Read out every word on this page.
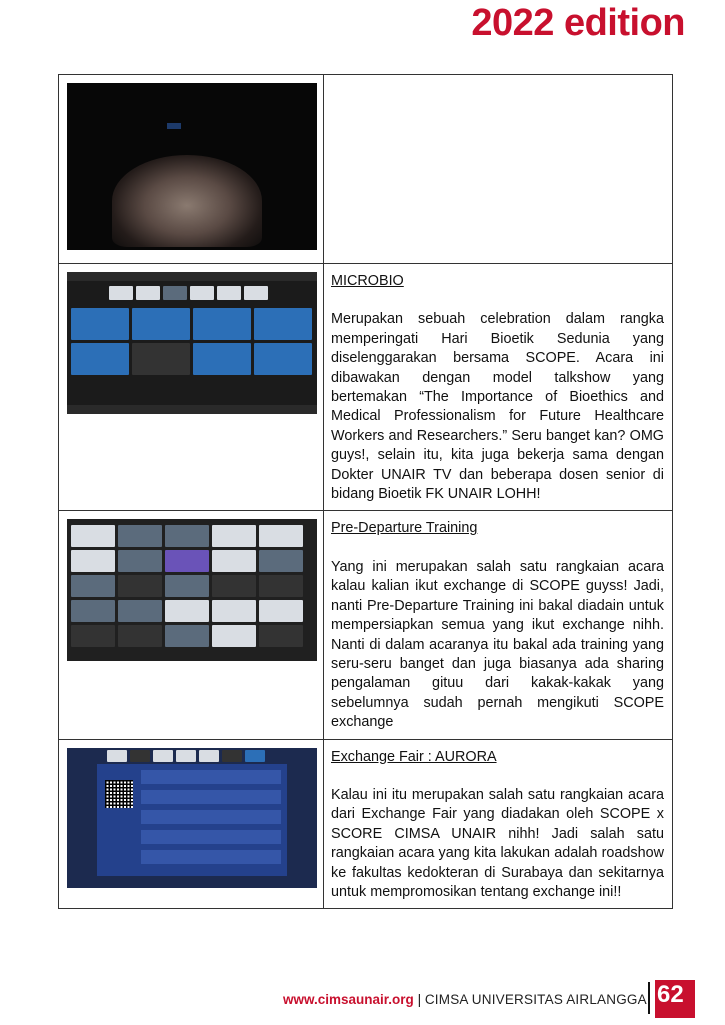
2022 edition

	MICROBIO
Merupakan sebuah celebration dalam rangka memperingati Hari Bioetik Sedunia yang diselenggarakan bersama SCOPE. Acara ini dibawakan dengan model talkshow yang bertemakan “The Importance of Bioethics and Medical Professionalism for Future Healthcare Workers and Researchers.” Seru banget kan? OMG guys!, selain itu, kita juga bekerja sama dengan Dokter UNAIR TV dan beberapa dosen senior di bidang Bioetik FK UNAIR LOHH!

	Pre-Departure Training
Yang ini merupakan salah satu rangkaian acara kalau kalian ikut exchange di SCOPE guyss! Jadi, nanti Pre-Departure Training ini bakal diadain untuk mempersiapkan semua yang ikut exchange nihh. Nanti di dalam acaranya itu bakal ada training yang seru-seru banget dan juga biasanya ada sharing pengalaman gituu dari kakak-kakak yang sebelumnya sudah pernah mengikuti SCOPE exchange

	Exchange Fair : AURORA
Kalau ini itu merupakan salah satu rangkaian acara dari Exchange Fair yang diadakan oleh SCOPE x SCORE CIMSA UNAIR nihh! Jadi salah satu rangkaian acara yang kita lakukan adalah roadshow ke fakultas kedokteran di Surabaya dan sekitarnya untuk mempromosikan tentang exchange ini!!
www.cimsaunair.org | CIMSA UNIVERSITAS AIRLANGGA 62
